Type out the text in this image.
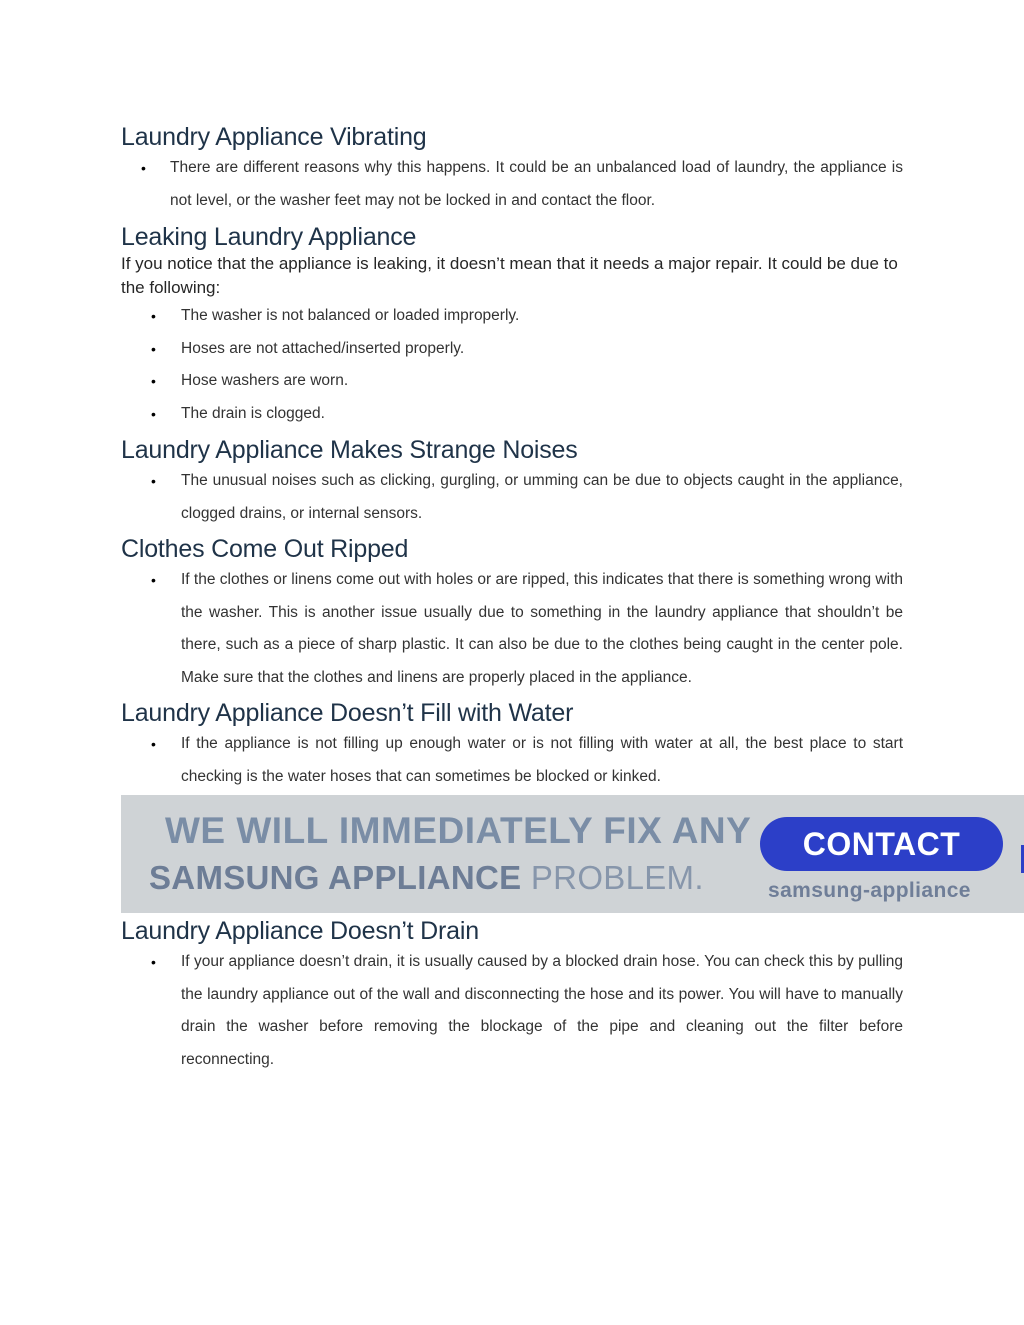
Laundry Appliance Vibrating
• There are different reasons why this happens. It could be an unbalanced load of laundry, the appliance is not level, or the washer feet may not be locked in and contact the floor.
Leaking Laundry Appliance

If you notice that the appliance is leaking, it doesn’t mean that it needs a major repair. It could be due to the following:

• The washer is not balanced or loaded improperly.
• Hoses are not attached/inserted properly.
• Hose washers are worn.
• The drain is clogged.
Laundry Appliance Makes Strange Noises
• The unusual noises such as clicking, gurgling, or umming can be due to objects caught in the appliance, clogged drains, or internal sensors.
Clothes Come Out Ripped
• If the clothes or linens come out with holes or are ripped, this indicates that there is something wrong with the washer. This is another issue usually due to something in the laundry appliance that shouldn’t be there, such as a piece of sharp plastic. It can also be due to the clothes being caught in the center pole. Make sure that the clothes and linens are properly placed in the appliance.
Laundry Appliance Doesn’t Fill with Water
• If the appliance is not filling up enough water or is not filling with water at all, the best place to start checking is the water hoses that can sometimes be blocked or kinked.
Laundry Appliance Doesn’t Drain
• If your appliance doesn’t drain, it is usually caused by a blocked drain hose. You can check this by pulling the laundry appliance out of the wall and disconnecting the hose and its power. You will have to manually drain the washer before removing the blockage of the pipe and cleaning out the filter before reconnecting.
WE WILL IMMEDIATELY FIX ANY
SAMSUNG APPLIANCE PROBLEM.
CONTACT
samsung-appliance
